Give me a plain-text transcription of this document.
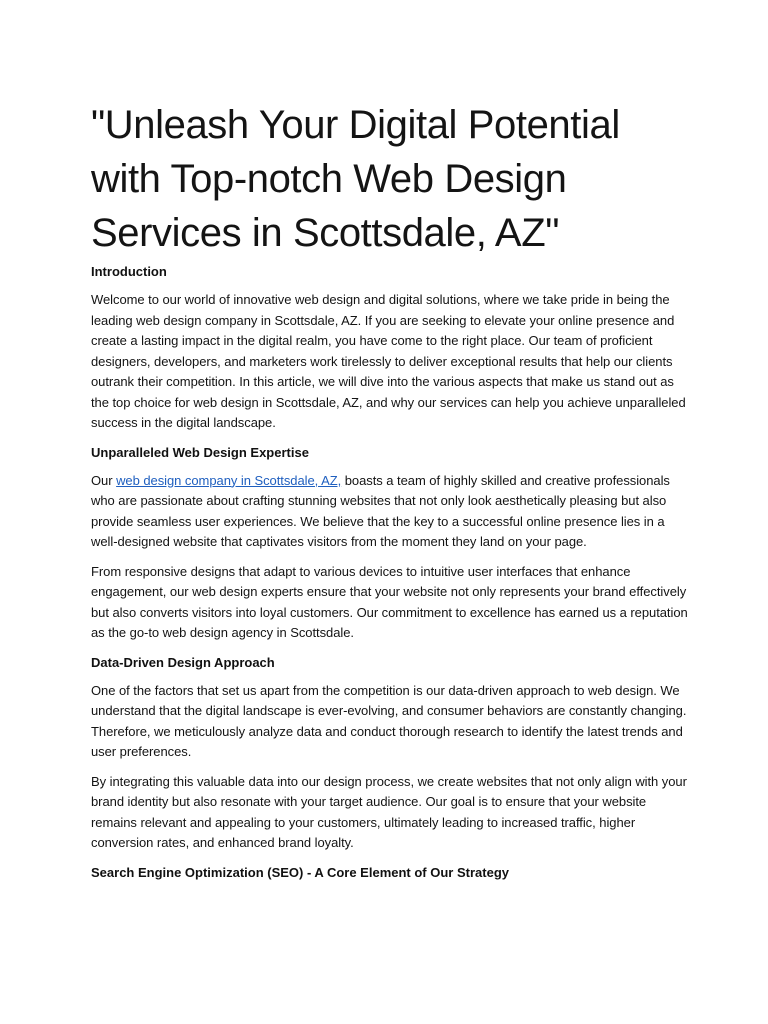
"Unleash Your Digital Potential with Top-notch Web Design Services in Scottsdale, AZ"
Introduction

Welcome to our world of innovative web design and digital solutions, where we take pride in being the leading web design company in Scottsdale, AZ. If you are seeking to elevate your online presence and create a lasting impact in the digital realm, you have come to the right place. Our team of proficient designers, developers, and marketers work tirelessly to deliver exceptional results that help our clients outrank their competition. In this article, we will dive into the various aspects that make us stand out as the top choice for web design in Scottsdale, AZ, and why our services can help you achieve unparalleled success in the digital landscape.

Unparalleled Web Design Expertise

Our web design company in Scottsdale, AZ, boasts a team of highly skilled and creative professionals who are passionate about crafting stunning websites that not only look aesthetically pleasing but also provide seamless user experiences. We believe that the key to a successful online presence lies in a well-designed website that captivates visitors from the moment they land on your page.

From responsive designs that adapt to various devices to intuitive user interfaces that enhance engagement, our web design experts ensure that your website not only represents your brand effectively but also converts visitors into loyal customers. Our commitment to excellence has earned us a reputation as the go-to web design agency in Scottsdale.

Data-Driven Design Approach

One of the factors that set us apart from the competition is our data-driven approach to web design. We understand that the digital landscape is ever-evolving, and consumer behaviors are constantly changing. Therefore, we meticulously analyze data and conduct thorough research to identify the latest trends and user preferences.

By integrating this valuable data into our design process, we create websites that not only align with your brand identity but also resonate with your target audience. Our goal is to ensure that your website remains relevant and appealing to your customers, ultimately leading to increased traffic, higher conversion rates, and enhanced brand loyalty.

Search Engine Optimization (SEO) - A Core Element of Our Strategy
